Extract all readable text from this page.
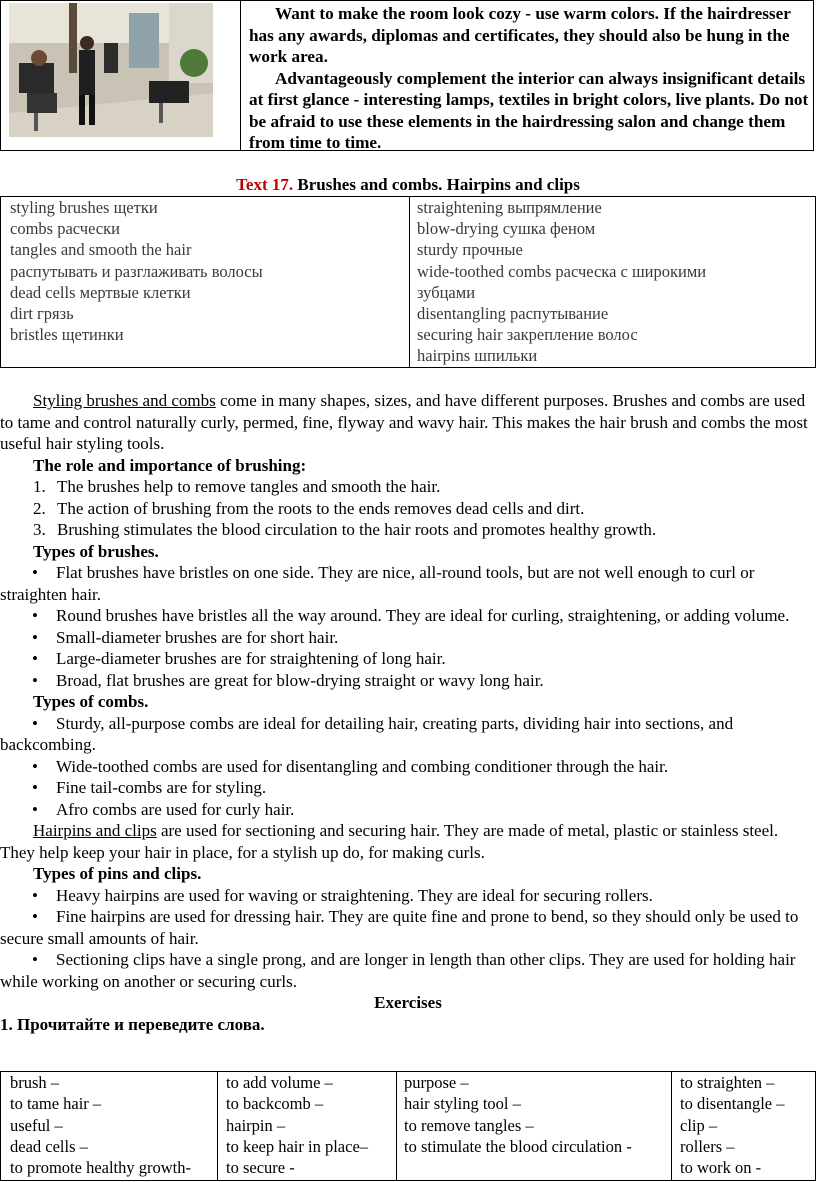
Want to make the room look cozy - use warm colors. If the hairdresser has any awards, diplomas and certificates, they should also be hung in the work area.

Advantageously complement the interior can always insignificant details at first glance - interesting lamps, textiles in bright colors, live plants. Do not be afraid to use these elements in the hairdressing salon and change them from time to time.

Text 17. Brushes and combs. Hairpins and clips
styling brushes щетки
combs расчески
tangles and smooth the hair
распутывать и разглаживать волосы
dead cells мертвые клетки
dirt грязь
bristles щетинки
straightening выпрямление
blow-drying сушка феном
sturdy прочные
wide-toothed combs расческа с широкими
зубцами
disentangling распутывание
securing hair закрепление волос
hairpins шпильки

Styling brushes and combs come in many shapes, sizes, and have different purposes. Brushes and combs are used to tame and control naturally curly, permed, fine, flyway and wavy hair. This makes the hair brush and combs the most useful hair styling tools.

The role and importance of brushing:

1. The brushes help to remove tangles and smooth the hair.

2. The action of brushing from the roots to the ends removes dead cells and dirt.

3. Brushing stimulates the blood circulation to the hair roots and promotes healthy growth.

Types of brushes.

• Flat brushes have bristles on one side. They are nice, all-round tools, but are not well enough to curl or straighten hair.

• Round brushes have bristles all the way around. They are ideal for curling, straightening, or adding volume.

• Small-diameter brushes are for short hair.

• Large-diameter brushes are for straightening of long hair.

• Broad, flat brushes are great for blow-drying straight or wavy long hair.

Types of combs.

• Sturdy, all-purpose combs are ideal for detailing hair, creating parts, dividing hair into sections, and backcombing.

• Wide-toothed combs are used for disentangling and combing conditioner through the hair.

• Fine tail-combs are for styling.

• Afro combs are used for curly hair.

Hairpins and clips are used for sectioning and securing hair. They are made of metal, plastic or stainless steel. They help keep your hair in place, for a stylish up do, for making curls.

Types of pins and clips.

• Heavy hairpins are used for waving or straightening. They are ideal for securing rollers.

• Fine hairpins are used for dressing hair. They are quite fine and prone to bend, so they should only be used to secure small amounts of hair.

• Sectioning clips have a single prong, and are longer in length than other clips. They are used for holding hair while working on another or securing curls.

Exercises

1. Прочитайте и переведите слова.

brush –
to tame hair –
useful –
dead cells –
to promote healthy growth-
to add volume –
to backcomb –
hairpin –
to keep hair in place–
to secure -
purpose –
hair styling tool –
to remove tangles –
to stimulate the blood circulation -
to straighten –
to disentangle –
clip –
rollers –
to work on -
